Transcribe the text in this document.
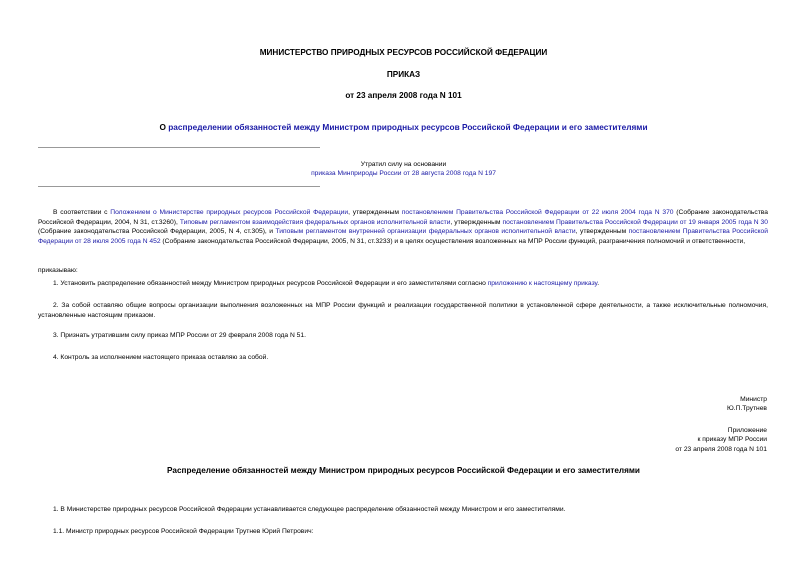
МИНИСТЕРСТВО ПРИРОДНЫХ РЕСУРСОВ РОССИЙСКОЙ ФЕДЕРАЦИИ
ПРИКАЗ
от 23 апреля 2008 года N 101
О распределении обязанностей между Министром природных ресурсов Российской Федерации и его заместителями
Утратил силу на основании
приказа Минприроды России от 28 августа 2008 года N 197
В соответствии с Положением о Министерстве природных ресурсов Российской Федерации, утвержденным постановлением Правительства Российской Федерации от 22 июля 2004 года N 370 (Собрание законодательства Российской Федерации, 2004, N 31, ст.3260), Типовым регламентом взаимодействия федеральных органов исполнительной власти, утвержденным постановлением Правительства Российской Федерации от 19 января 2005 года N 30 (Собрание законодательства Российской Федерации, 2005, N 4, ст.305), и Типовым регламентом внутренней организации федеральных органов исполнительной власти, утвержденным постановлением Правительства Российской Федерации от 28 июля 2005 года N 452 (Собрание законодательства Российской Федерации, 2005, N 31, ст.3233) и в целях осуществления возложенных на МПР России функций, разграничения полномочий и ответственности,
приказываю:
1. Установить распределение обязанностей между Министром природных ресурсов Российской Федерации и его заместителями согласно приложению к настоящему приказу.
2. За собой оставляю общие вопросы организации выполнения возложенных на МПР России функций и реализации государственной политики в установленной сфере деятельности, а также исключительные полномочия, установленные настоящим приказом.
3. Признать утратившим силу приказ МПР России от 29 февраля 2008 года N 51.
4. Контроль за исполнением настоящего приказа оставляю за собой.
Министр
Ю.П.Трутнев
Приложение
к приказу МПР России
от 23 апреля 2008 года N 101
Распределение обязанностей между Министром природных ресурсов Российской Федерации и его заместителями
1. В Министерстве природных ресурсов Российской Федерации устанавливается следующее распределение обязанностей между Министром и его заместителями.
1.1. Министр природных ресурсов Российской Федерации Трутнев Юрий Петрович:
